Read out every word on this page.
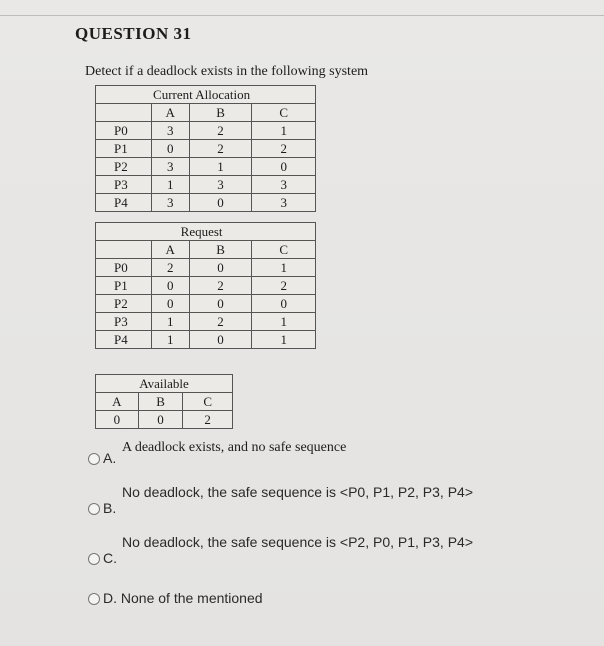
QUESTION 31
Detect if a deadlock exists in the following system
	Current Allocation		
	A	B	C
P0	3	2	1
P1	0	2	2
P2	3	1	0
P3	1	3	3
P4	3	0	3
	Request		
	A	B	C
P0	2	0	1
P1	0	2	2
P2	0	0	0
P3	1	2	1
P4	1	0	1
Available		
A	B	C
0	0	2
A deadlock exists, and no safe sequence
A.
No deadlock, the safe sequence is <P0, P1, P2, P3, P4>
B.
No deadlock, the safe sequence is <P2, P0, P1, P3, P4>
C.
D. None of the mentioned
